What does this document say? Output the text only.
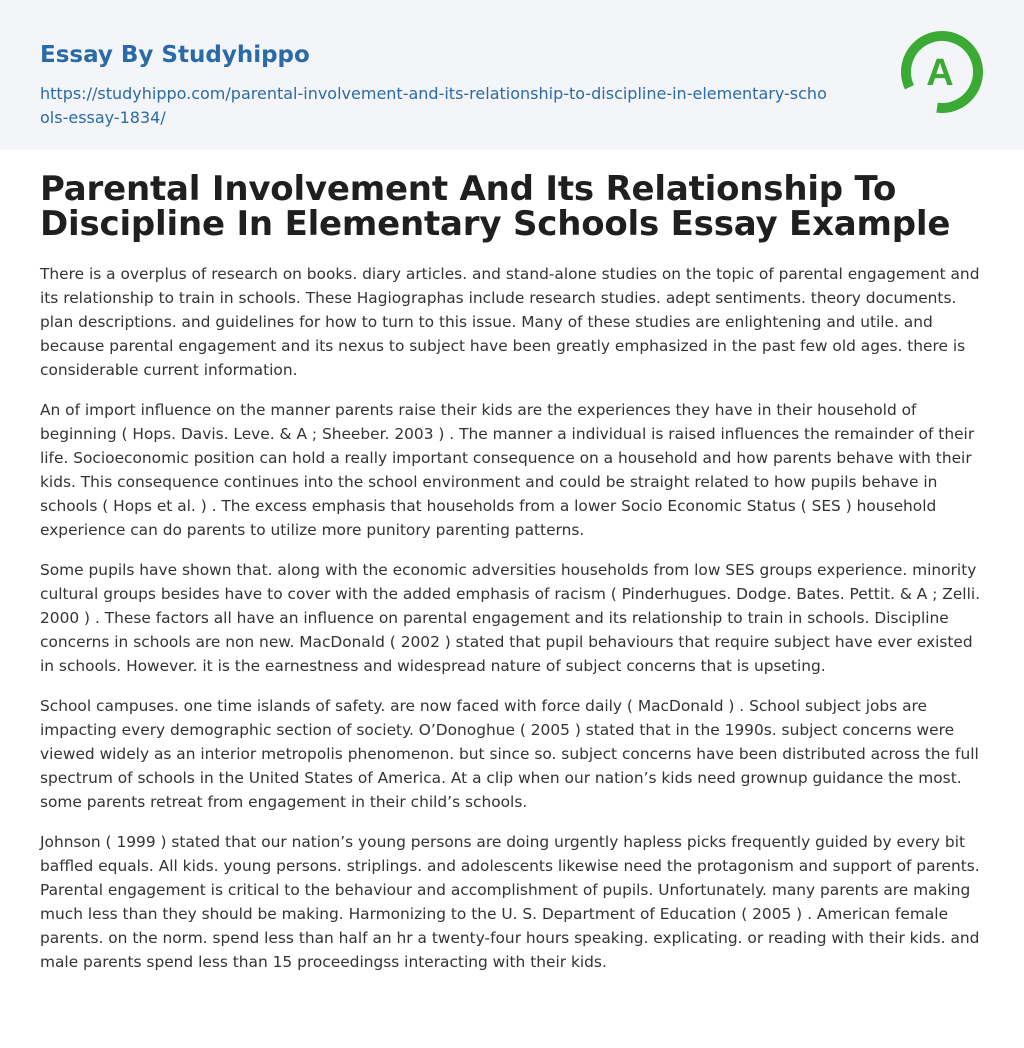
Essay By Studyhippo
https://studyhippo.com/parental-involvement-and-its-relationship-to-discipline-in-elementary-schools-essay-1834/
A
Parental Involvement And Its Relationship To Discipline In Elementary Schools Essay Example

There is a overplus of research on books. diary articles. and stand-alone studies on the topic of parental engagement and its relationship to train in schools. These Hagiographas include research studies. adept sentiments. theory documents. plan descriptions. and guidelines for how to turn to this issue. Many of these studies are enlightening and utile. and because parental engagement and its nexus to subject have been greatly emphasized in the past few old ages. there is considerable current information.

An of import influence on the manner parents raise their kids are the experiences they have in their household of beginning ( Hops. Davis. Leve. & A ; Sheeber. 2003 ) . The manner a individual is raised influences the remainder of their life. Socioeconomic position can hold a really important consequence on a household and how parents behave with their kids. This consequence continues into the school environment and could be straight related to how pupils behave in schools ( Hops et al. ) . The excess emphasis that households from a lower Socio Economic Status ( SES ) household experience can do parents to utilize more punitory parenting patterns.

Some pupils have shown that. along with the economic adversities households from low SES groups experience. minority cultural groups besides have to cover with the added emphasis of racism ( Pinderhugues. Dodge. Bates. Pettit. & A ; Zelli. 2000 ) . These factors all have an influence on parental engagement and its relationship to train in schools. Discipline concerns in schools are non new. MacDonald ( 2002 ) stated that pupil behaviours that require subject have ever existed in schools. However. it is the earnestness and widespread nature of subject concerns that is upseting.

School campuses. one time islands of safety. are now faced with force daily ( MacDonald ) . School subject jobs are impacting every demographic section of society. O’Donoghue ( 2005 ) stated that in the 1990s. subject concerns were viewed widely as an interior metropolis phenomenon. but since so. subject concerns have been distributed across the full spectrum of schools in the United States of America. At a clip when our nation’s kids need grownup guidance the most. some parents retreat from engagement in their child’s schools.

Johnson ( 1999 ) stated that our nation’s young persons are doing urgently hapless picks frequently guided by every bit baffled equals. All kids. young persons. striplings. and adolescents likewise need the protagonism and support of parents. Parental engagement is critical to the behaviour and accomplishment of pupils. Unfortunately. many parents are making much less than they should be making. Harmonizing to the U. S. Department of Education ( 2005 ) . American female parents. on the norm. spend less than half an hr a twenty-four hours speaking. explicating. or reading with their kids. and male parents spend less than 15 proceedingss interacting with their kids.
